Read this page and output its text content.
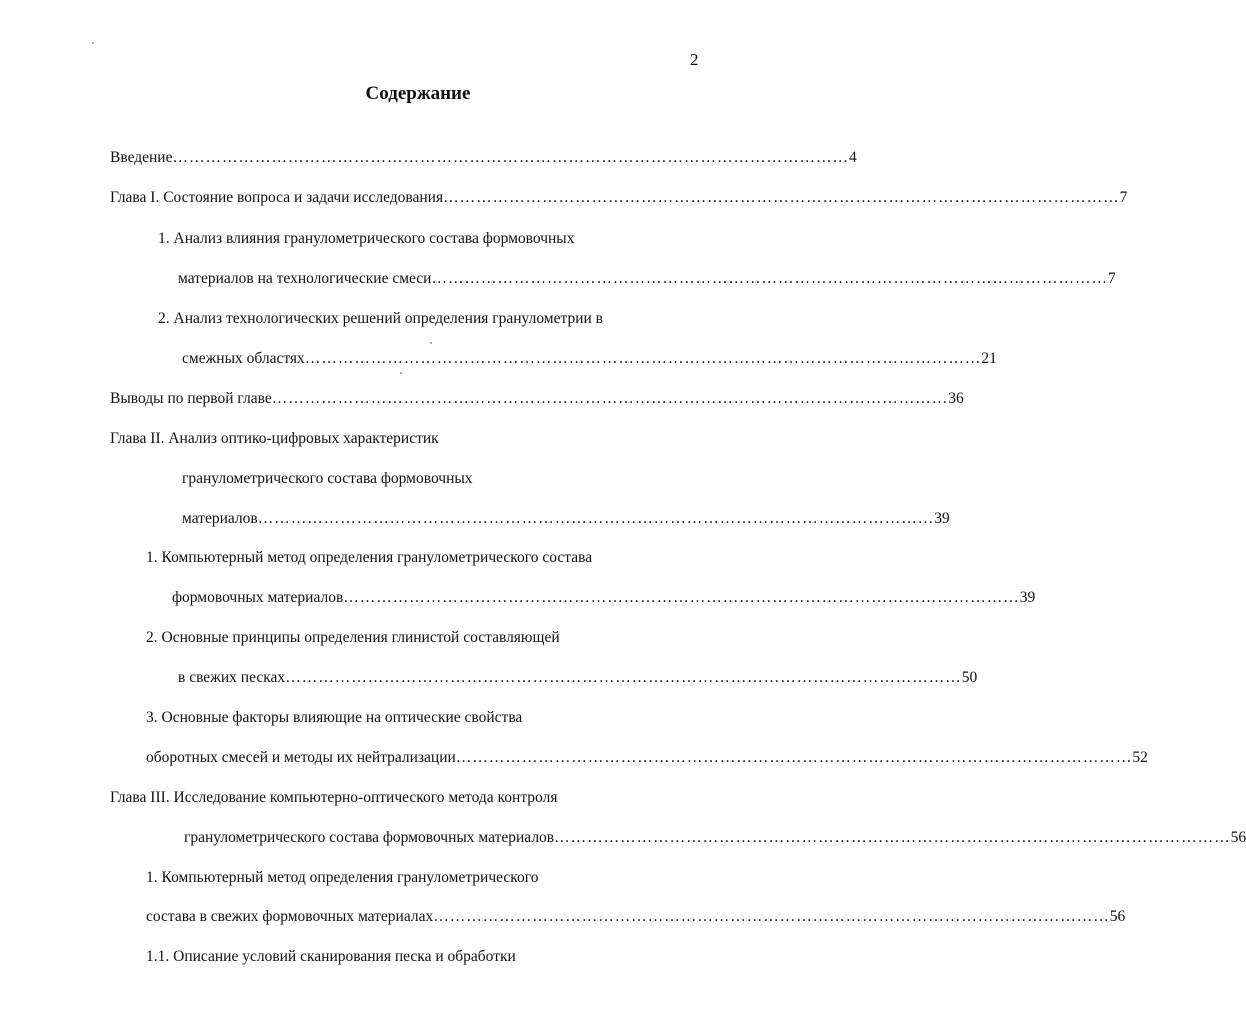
2
Содержание
Введение …………………………………………………………………………………………………………… 4
Глава I. Состояние вопроса и задачи исследования …………………………………………………………………………………………………………… 7
1. Анализ влияния гранулометрического состава формовочных
материалов на технологические смеси …………………………………………………………………………………………………………… 7
2. Анализ технологических решений определения гранулометрии в
смежных областях …………………………………………………………………………………………………………… 21
Выводы по первой главе …………………………………………………………………………………………………………… 36
Глава II. Анализ оптико-цифровых характеристик
гранулометрического состава формовочных
материалов …………………………………………………………………………………………………………… 39
1. Компьютерный метод определения гранулометрического состава
формовочных материалов …………………………………………………………………………………………………………… 39
2. Основные принципы определения глинистой составляющей
в свежих песках …………………………………………………………………………………………………………… 50
3. Основные факторы влияющие на оптические свойства
оборотных смесей и методы их нейтрализации …………………………………………………………………………………………………………… 52
Глава III. Исследование компьютерно-оптического метода контроля
гранулометрического состава формовочных материалов …………………………………………………………………………………………………………… 56
1. Компьютерный метод определения гранулометрического
состава в свежих формовочных материалах …………………………………………………………………………………………………………… 56
1.1. Описание условий сканирования песка и обработки
